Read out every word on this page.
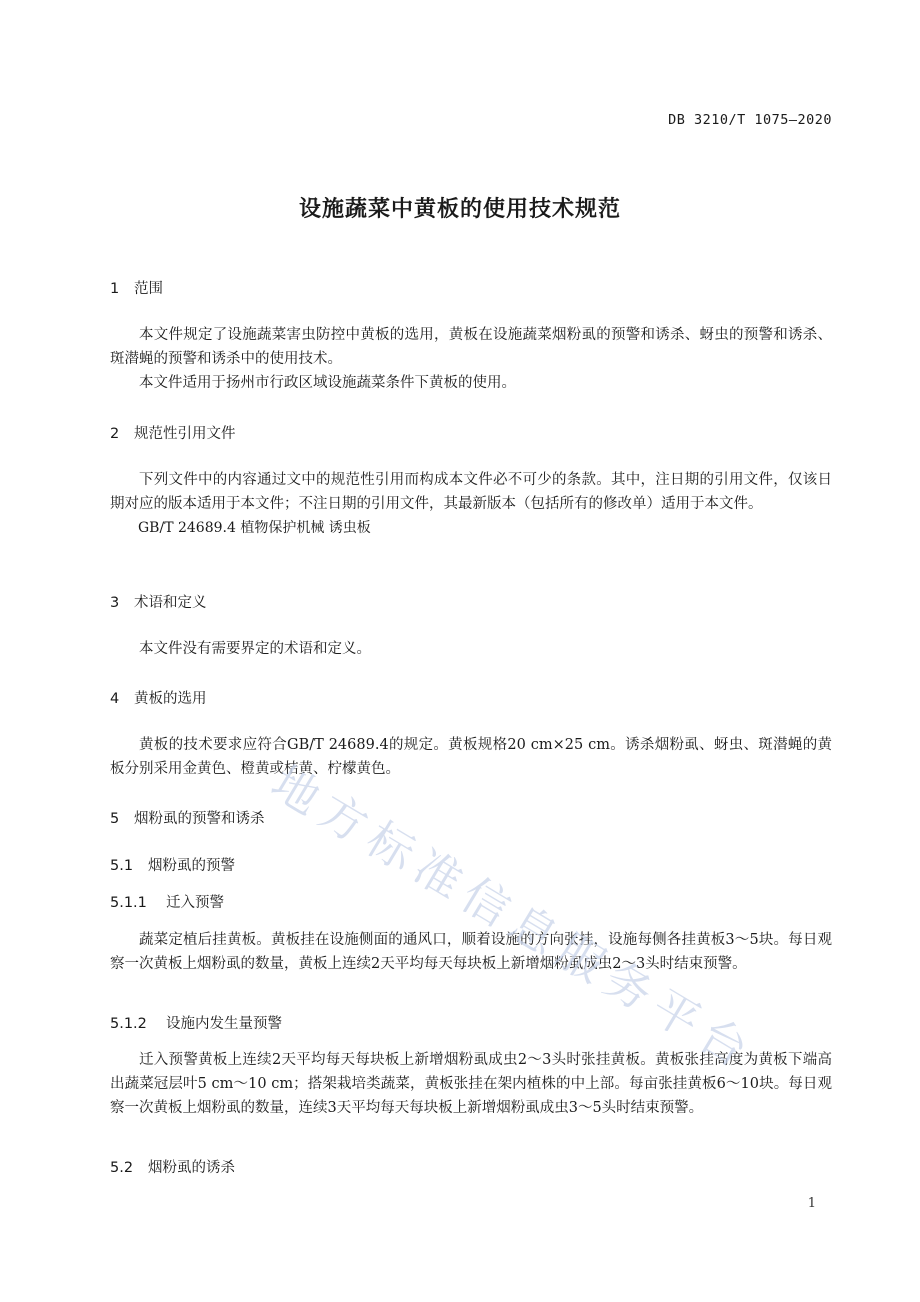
DB 3210/T 1075—2020
设施蔬菜中黄板的使用技术规范
1 范围

本文件规定了设施蔬菜害虫防控中黄板的选用，黄板在设施蔬菜烟粉虱的预警和诱杀、蚜虫的预警和诱杀、斑潜蝇的预警和诱杀中的使用技术。

本文件适用于扬州市行政区域设施蔬菜条件下黄板的使用。

2 规范性引用文件

下列文件中的内容通过文中的规范性引用而构成本文件必不可少的条款。其中，注日期的引用文件，仅该日期对应的版本适用于本文件；不注日期的引用文件，其最新版本（包括所有的修改单）适用于本文件。

GB/T 24689.4 植物保护机械 诱虫板

3 术语和定义

本文件没有需要界定的术语和定义。

4 黄板的选用

黄板的技术要求应符合GB/T 24689.4的规定。黄板规格20 cm×25 cm。诱杀烟粉虱、蚜虫、斑潜蝇的黄板分别采用金黄色、橙黄或桔黄、柠檬黄色。

5 烟粉虱的预警和诱杀
5.1 烟粉虱的预警
5.1.1 迁入预警

蔬菜定植后挂黄板。黄板挂在设施侧面的通风口，顺着设施的方向张挂，设施每侧各挂黄板3～5块。每日观察一次黄板上烟粉虱的数量，黄板上连续2天平均每天每块板上新增烟粉虱成虫2～3头时结束预警。

5.1.2 设施内发生量预警

迁入预警黄板上连续2天平均每天每块板上新增烟粉虱成虫2～3头时张挂黄板。黄板张挂高度为黄板下端高出蔬菜冠层叶5 cm～10 cm；搭架栽培类蔬菜，黄板张挂在架内植株的中上部。每亩张挂黄板6～10块。每日观察一次黄板上烟粉虱的数量，连续3天平均每天每块板上新增烟粉虱成虫3～5头时结束预警。

5.2 烟粉虱的诱杀
1
地
方
标
准
信
息
服
务
平
台
